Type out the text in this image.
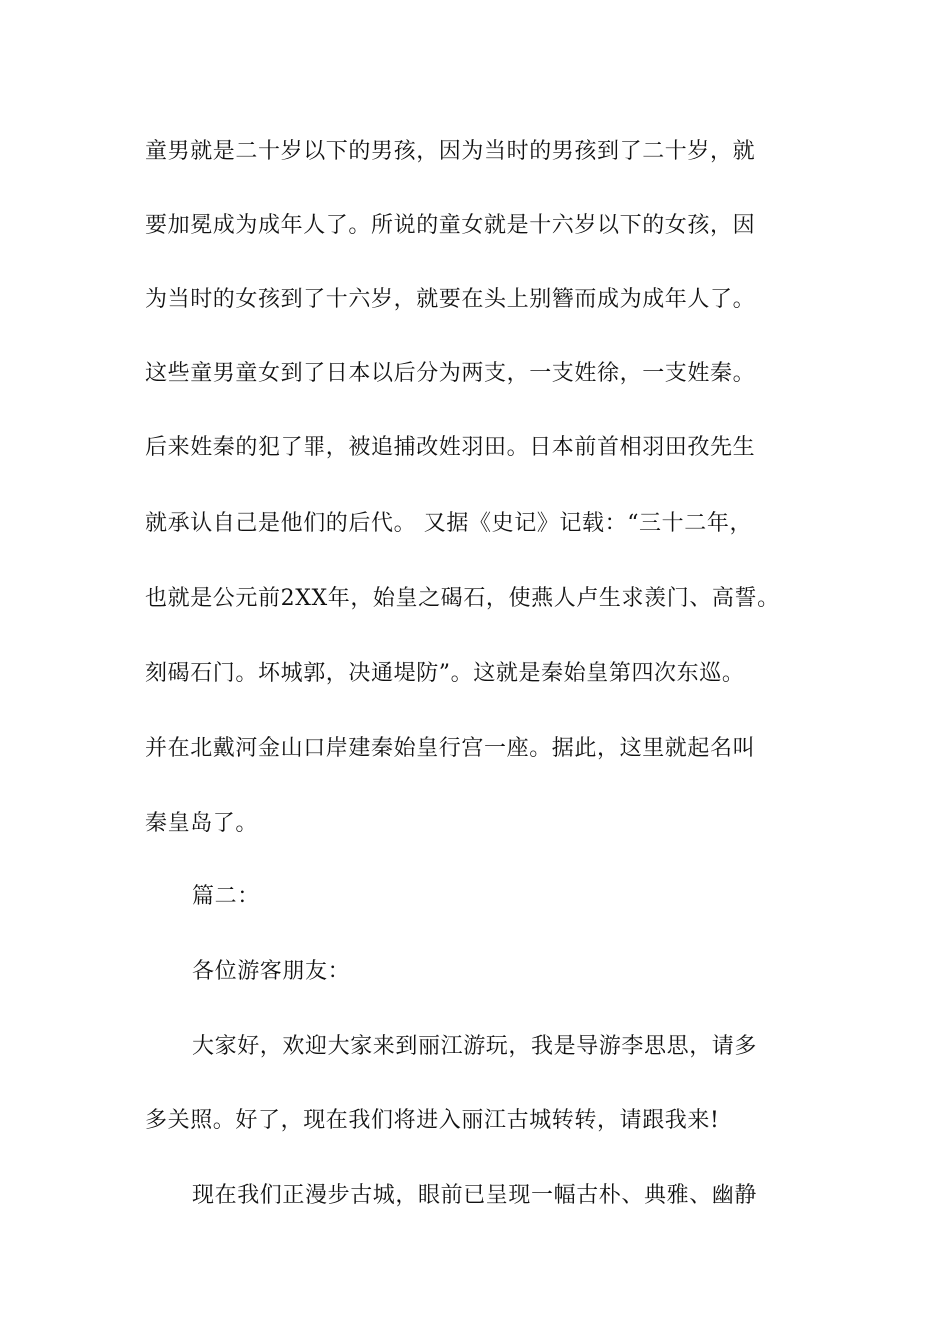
童男就是二十岁以下的男孩，因为当时的男孩到了二十岁，就
要加冕成为成年人了。所说的童女就是十六岁以下的女孩，因
为当时的女孩到了十六岁，就要在头上别簪而成为成年人了。
这些童男童女到了日本以后分为两支，一支姓徐，一支姓秦。
后来姓秦的犯了罪，被追捕改姓羽田。日本前首相羽田孜先生
就承认自己是他们的后代。 又据《史记》记载：“三十二年，
也就是公元前2XX年，始皇之碣石，使燕人卢生求羡门、高誓。
刻碣石门。坏城郭，决通堤防”。这就是秦始皇第四次东巡。
并在北戴河金山口岸建秦始皇行宫一座。据此，这里就起名叫
秦皇岛了。
篇二：
各位游客朋友：
大家好，欢迎大家来到丽江游玩，我是导游李思思，请多
多关照。好了，现在我们将进入丽江古城转转，请跟我来!
现在我们正漫步古城，眼前已呈现一幅古朴、典雅、幽静
